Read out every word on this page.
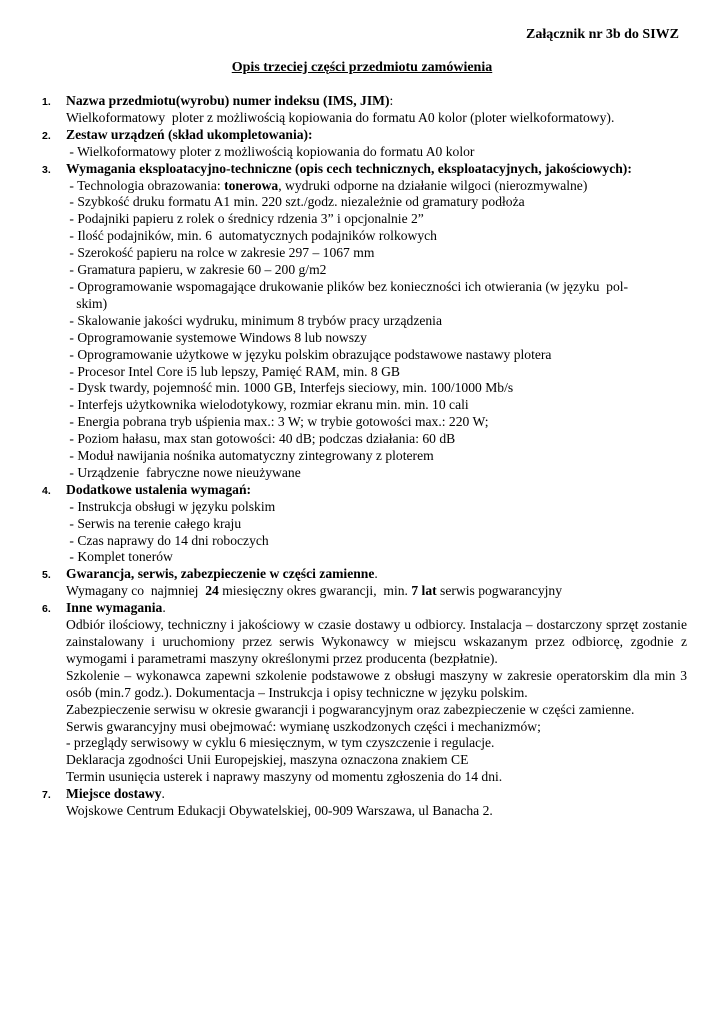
Załącznik nr 3b do SIWZ
Opis trzeciej części przedmiotu zamówienia
1. Nazwa przedmiotu(wyrobu) numer indeksu (IMS, JIM):
Wielkoformatowy  ploter z możliwością kopiowania do formatu A0 kolor (ploter wielkoformatowy).
2. Zestaw urządzeń (skład ukompletowania):
- Wielkoformatowy ploter z możliwością kopiowania do formatu A0 kolor
3. Wymagania eksploatacyjno-techniczne (opis cech technicznych, eksploatacyjnych, jakościowych):
- Technologia obrazowania: tonerowa, wydruki odporne na działanie wilgoci (nierozmywalne)
- Szybkość druku formatu A1 min. 220 szt./godz. niezależnie od gramatury podłoża
- Podajniki papieru z rolek o średnicy rdzenia 3” i opcjonalnie 2”
- Ilość podajników, min. 6  automatycznych podajników rolkowych
- Szerokość papieru na rolce w zakresie 297 – 1067 mm
- Gramatura papieru, w zakresie 60 – 200 g/m2
- Oprogramowanie wspomagające drukowanie plików bez konieczności ich otwierania (w języku  pol-
skim)
- Skalowanie jakości wydruku, minimum 8 trybów pracy urządzenia
- Oprogramowanie systemowe Windows 8 lub nowszy
- Oprogramowanie użytkowe w języku polskim obrazujące podstawowe nastawy plotera
- Procesor Intel Core i5 lub lepszy, Pamięć RAM, min. 8 GB
- Dysk twardy, pojemność min. 1000 GB, Interfejs sieciowy, min. 100/1000 Mb/s
- Interfejs użytkownika wielodotykowy, rozmiar ekranu min. min. 10 cali
- Energia pobrana tryb uśpienia max.: 3 W; w trybie gotowości max.: 220 W;
- Poziom hałasu, max stan gotowości: 40 dB; podczas działania: 60 dB
- Moduł nawijania nośnika automatyczny zintegrowany z ploterem
- Urządzenie  fabryczne nowe nieużywane
4. Dodatkowe ustalenia wymagań:
- Instrukcja obsługi w języku polskim
- Serwis na terenie całego kraju
- Czas naprawy do 14 dni roboczych
- Komplet tonerów
5. Gwarancja, serwis, zabezpieczenie w części zamienne.
Wymagany co  najmniej  24 miesięczny okres gwarancji,  min. 7 lat serwis pogwarancyjny
6. Inne wymagania.
Odbiór ilościowy, techniczny i jakościowy w czasie dostawy u odbiorcy. Instalacja – dostarczony sprzęt zostanie zainstalowany i uruchomiony przez serwis Wykonawcy w miejscu wskazanym przez odbiorcę, zgodnie z wymogami i parametrami maszyny określonymi przez producenta (bezpłatnie).
Szkolenie – wykonawca zapewni szkolenie podstawowe z obsługi maszyny w zakresie operatorskim dla min 3 osób (min.7 godz.). Dokumentacja – Instrukcja i opisy techniczne w języku polskim.
Zabezpieczenie serwisu w okresie gwarancji i pogwarancyjnym oraz zabezpieczenie w części zamienne.
Serwis gwarancyjny musi obejmować: wymianę uszkodzonych części i mechanizmów;
- przeglądy serwisowy w cyklu 6 miesięcznym, w tym czyszczenie i regulacje.
Deklaracja zgodności Unii Europejskiej, maszyna oznaczona znakiem CE
Termin usunięcia usterek i naprawy maszyny od momentu zgłoszenia do 14 dni.
7. Miejsce dostawy.
Wojskowe Centrum Edukacji Obywatelskiej, 00-909 Warszawa, ul Banacha 2.
